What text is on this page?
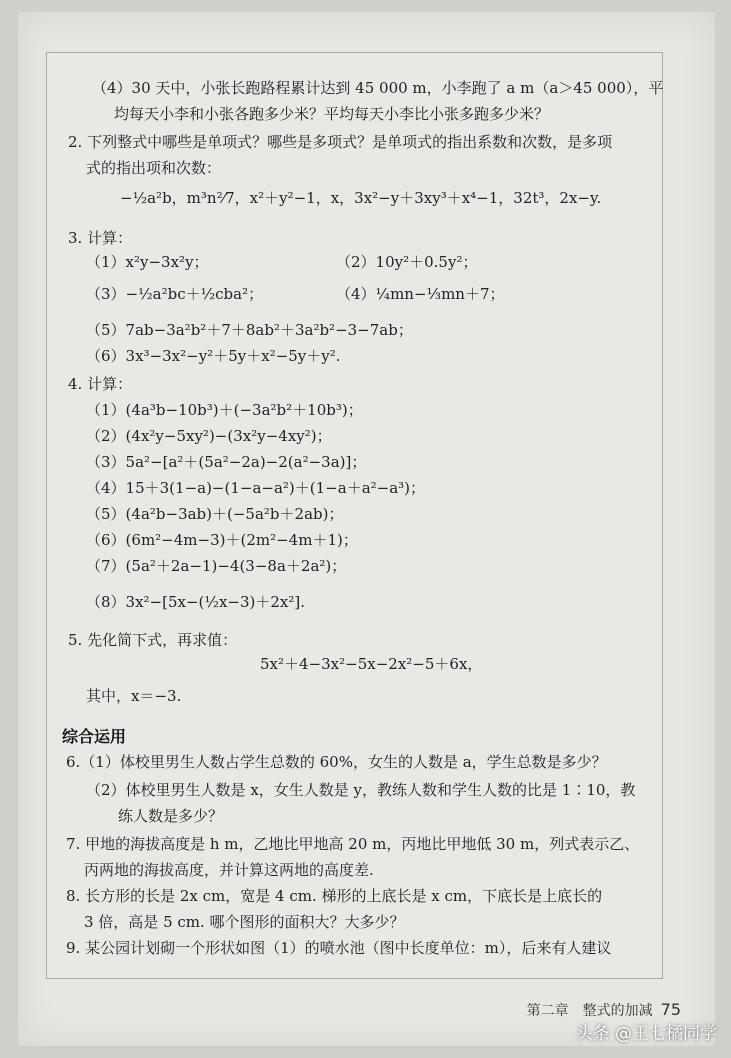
（4）30 天中，小张长跑路程累计达到 45 000 m，小李跑了 a m（a＞45 000），平
均每天小李和小张各跑多少米？平均每天小李比小张多跑多少米？
2. 下列整式中哪些是单项式？哪些是多项式？是单项式的指出系数和次数，是多项
式的指出项和次数：
−½a²b，m³n²⁄7，x²＋y²−1，x，3x²−y＋3xy³＋x⁴−1，32t³，2x−y.
3. 计算：
（1）x²y−3x²y；	（2）10y²＋0.5y²；
（3）−½a²bc＋½cba²；	（4）¼mn−⅓mn＋7；
（5）7ab−3a²b²＋7＋8ab²＋3a²b²−3−7ab；
（6）3x³−3x²−y²＋5y＋x²−5y＋y².
4. 计算：
（1）(4a³b−10b³)＋(−3a²b²＋10b³)；
（2）(4x²y−5xy²)−(3x²y−4xy²)；
（3）5a²−[a²＋(5a²−2a)−2(a²−3a)]；
（4）15＋3(1−a)−(1−a−a²)＋(1−a＋a²−a³)；
（5）(4a²b−3ab)＋(−5a²b＋2ab)；
（6）(6m²−4m−3)＋(2m²−4m＋1)；
（7）(5a²＋2a−1)−4(3−8a＋2a²)；
（8）3x²−[5x−(½x−3)＋2x²].
5. 先化简下式，再求值：
5x²＋4−3x²−5x−2x²−5＋6x，
其中，x＝−3.
综合运用
6.（1）体校里男生人数占学生总数的 60%，女生的人数是 a，学生总数是多少？
（2）体校里男生人数是 x，女生人数是 y，教练人数和学生人数的比是 1∶10，教
练人数是多少？
7. 甲地的海拔高度是 h m，乙地比甲地高 20 m，丙地比甲地低 30 m，列式表示乙、
丙两地的海拔高度，并计算这两地的高度差.
8. 长方形的长是 2x cm，宽是 4 cm. 梯形的上底长是 x cm，下底长是上底长的
3 倍，高是 5 cm. 哪个图形的面积大？大多少？
9. 某公园计划砌一个形状如图（1）的喷水池（图中长度单位：m），后来有人建议
第二章　整式的加减 75
头条 @王七橘同学
